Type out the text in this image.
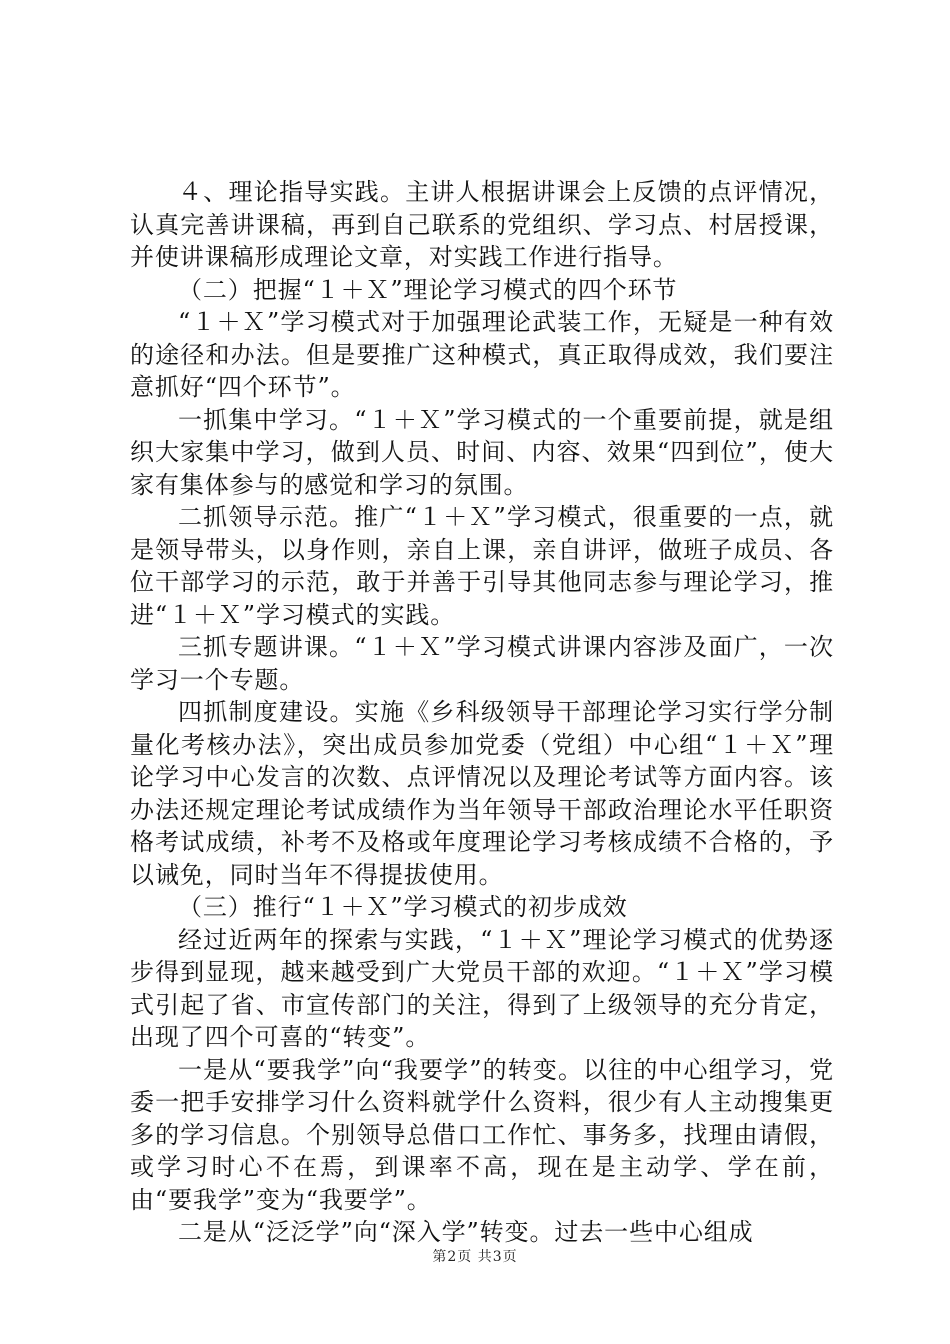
４、理论指导实践。主讲人根据讲课会上反馈的点评情况，认真完善讲课稿，再到自己联系的党组织、学习点、村居授课，并使讲课稿形成理论文章，对实践工作进行指导。

（二）把握“１＋Ｘ”理论学习模式的四个环节

“１＋Ｘ”学习模式对于加强理论武装工作，无疑是一种有效的途径和办法。但是要推广这种模式，真正取得成效，我们要注意抓好“四个环节”。

一抓集中学习。“１＋Ｘ”学习模式的一个重要前提，就是组织大家集中学习，做到人员、时间、内容、效果“四到位”，使大家有集体参与的感觉和学习的氛围。

二抓领导示范。推广“１＋Ｘ”学习模式，很重要的一点，就是领导带头，以身作则，亲自上课，亲自讲评，做班子成员、各位干部学习的示范，敢于并善于引导其他同志参与理论学习，推进“１＋Ｘ”学习模式的实践。

三抓专题讲课。“１＋Ｘ”学习模式讲课内容涉及面广，一次学习一个专题。

四抓制度建设。实施《乡科级领导干部理论学习实行学分制量化考核办法》，突出成员参加党委（党组）中心组“１＋Ｘ”理论学习中心发言的次数、点评情况以及理论考试等方面内容。该办法还规定理论考试成绩作为当年领导干部政治理论水平任职资格考试成绩，补考不及格或年度理论学习考核成绩不合格的，予以诫免，同时当年不得提拔使用。

（三）推行“１＋Ｘ”学习模式的初步成效

经过近两年的探索与实践，“１＋Ｘ”理论学习模式的优势逐步得到显现，越来越受到广大党员干部的欢迎。“１＋Ｘ”学习模式引起了省、市宣传部门的关注，得到了上级领导的充分肯定，出现了四个可喜的“转变”。

一是从“要我学”向“我要学”的转变。以往的中心组学习，党委一把手安排学习什么资料就学什么资料，很少有人主动搜集更多的学习信息。个别领导总借口工作忙、事务多，找理由请假，或学习时心不在焉，到课率不高，现在是主动学、学在前，由“要我学”变为“我要学”。

二是从“泛泛学”向“深入学”转变。过去一些中心组成

第2页 共3页
